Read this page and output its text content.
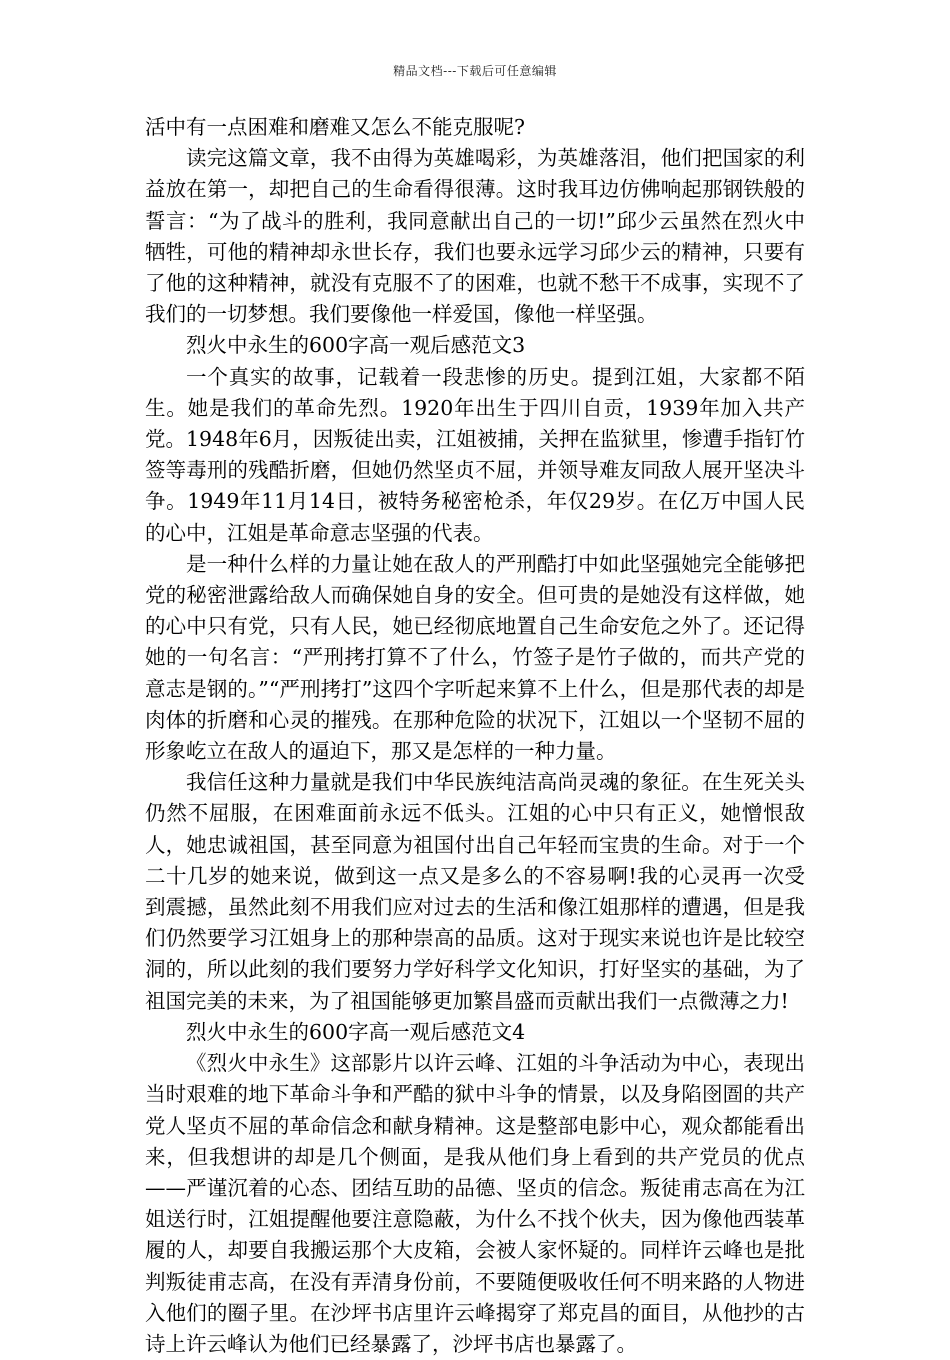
精品文档---下载后可任意编辑

活中有一点困难和磨难又怎么不能克服呢?

读完这篇文章，我不由得为英雄喝彩，为英雄落泪，他们把国家的利益放在第一，却把自己的生命看得很薄。这时我耳边仿佛响起那钢铁般的誓言：“为了战斗的胜利，我同意献出自己的一切!”邱少云虽然在烈火中牺牲，可他的精神却永世长存，我们也要永远学习邱少云的精神，只要有了他的这种精神，就没有克服不了的困难，也就不愁干不成事，实现不了我们的一切梦想。我们要像他一样爱国，像他一样坚强。

烈火中永生的600字高一观后感范文3

一个真实的故事，记载着一段悲惨的历史。提到江姐，大家都不陌生。她是我们的革命先烈。1920年出生于四川自贡，1939年加入共产党。1948年6月，因叛徒出卖，江姐被捕，关押在监狱里，惨遭手指钉竹签等毒刑的残酷折磨，但她仍然坚贞不屈，并领导难友同敌人展开坚决斗争。1949年11月14日，被特务秘密枪杀，年仅29岁。在亿万中国人民的心中，江姐是革命意志坚强的代表。

是一种什么样的力量让她在敌人的严刑酷打中如此坚强她完全能够把党的秘密泄露给敌人而确保她自身的安全。但可贵的是她没有这样做，她的心中只有党，只有人民，她已经彻底地置自己生命安危之外了。还记得她的一句名言：“严刑拷打算不了什么，竹签子是竹子做的，而共产党的意志是钢的。”“严刑拷打”这四个字听起来算不上什么，但是那代表的却是肉体的折磨和心灵的摧残。在那种危险的状况下，江姐以一个坚韧不屈的形象屹立在敌人的逼迫下，那又是怎样的一种力量。

我信任这种力量就是我们中华民族纯洁高尚灵魂的象征。在生死关头仍然不屈服，在困难面前永远不低头。江姐的心中只有正义，她憎恨敌人，她忠诚祖国，甚至同意为祖国付出自己年轻而宝贵的生命。对于一个二十几岁的她来说，做到这一点又是多么的不容易啊!我的心灵再一次受到震撼，虽然此刻不用我们应对过去的生活和像江姐那样的遭遇，但是我们仍然要学习江姐身上的那种崇高的品质。这对于现实来说也许是比较空洞的，所以此刻的我们要努力学好科学文化知识，打好坚实的基础，为了祖国完美的未来，为了祖国能够更加繁昌盛而贡献出我们一点微薄之力!

烈火中永生的600字高一观后感范文4

《烈火中永生》这部影片以许云峰、江姐的斗争活动为中心，表现出当时艰难的地下革命斗争和严酷的狱中斗争的情景，以及身陷囹圄的共产党人坚贞不屈的革命信念和献身精神。这是整部电影中心，观众都能看出来，但我想讲的却是几个侧面，是我从他们身上看到的共产党员的优点——严谨沉着的心态、团结互助的品德、坚贞的信念。叛徒甫志高在为江姐送行时，江姐提醒他要注意隐蔽，为什么不找个伙夫，因为像他西装革履的人，却要自我搬运那个大皮箱，会被人家怀疑的。同样许云峰也是批判叛徒甫志高，在没有弄清身份前，不要随便吸收任何不明来路的人物进入他们的圈子里。在沙坪书店里许云峰揭穿了郑克昌的面目，从他抄的古诗上许云峰认为他们已经暴露了，沙坪书店也暴露了。
